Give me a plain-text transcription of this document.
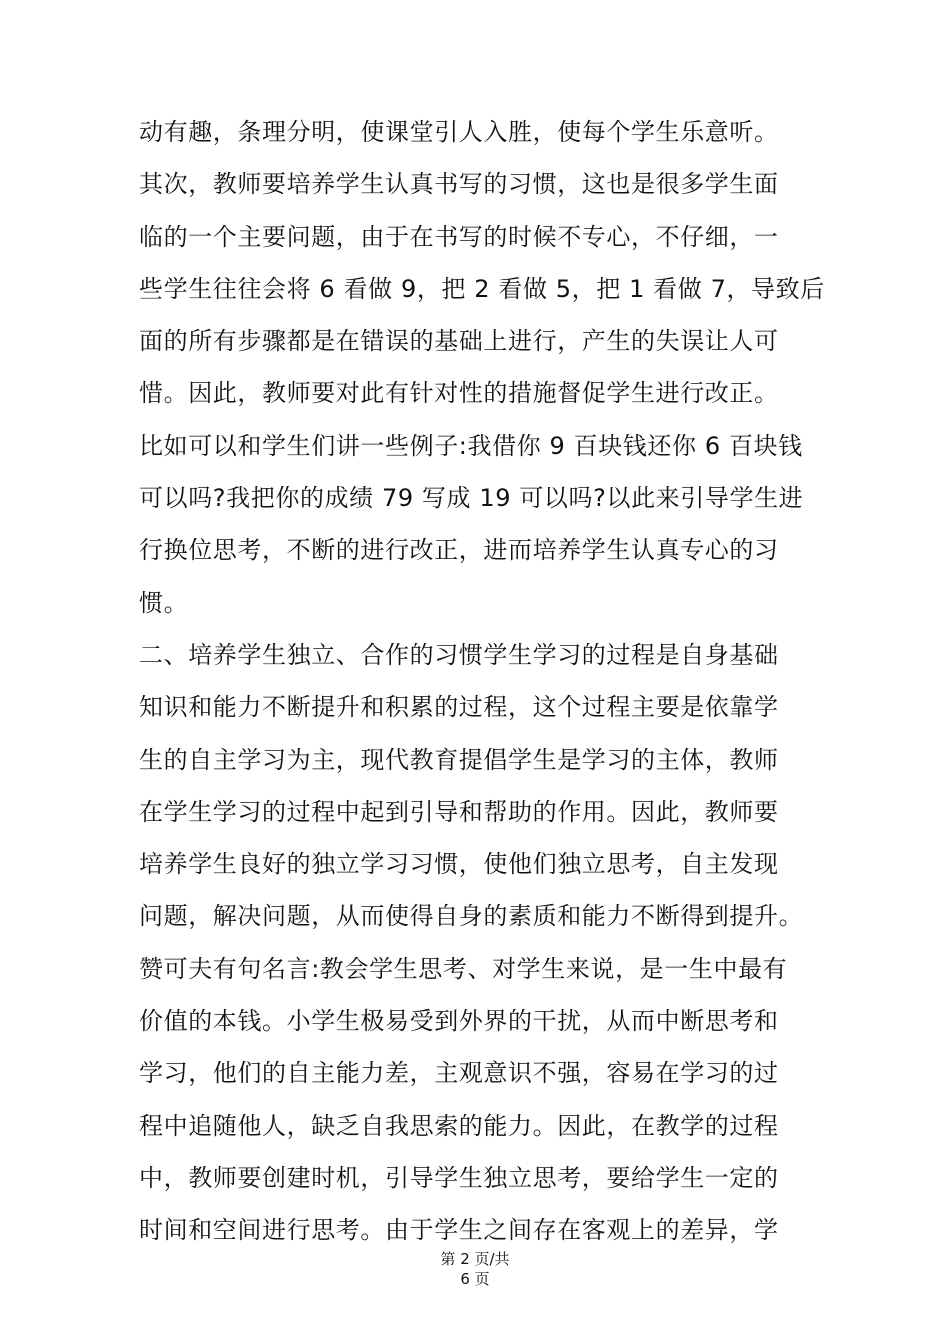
动有趣，条理分明，使课堂引人入胜，使每个学生乐意听。
其次，教师要培养学生认真书写的习惯，这也是很多学生面
临的一个主要问题，由于在书写的时候不专心，不仔细，一
些学生往往会将 6 看做 9，把 2 看做 5，把 1 看做 7，导致后
面的所有步骤都是在错误的基础上进行，产生的失误让人可
惜。因此，教师要对此有针对性的措施督促学生进行改正。
比如可以和学生们讲一些例子:我借你 9 百块钱还你 6 百块钱
可以吗?我把你的成绩 79 写成 19 可以吗?以此来引导学生进
行换位思考，不断的进行改正，进而培养学生认真专心的习
惯。
二、培养学生独立、合作的习惯学生学习的过程是自身基础
知识和能力不断提升和积累的过程，这个过程主要是依靠学
生的自主学习为主，现代教育提倡学生是学习的主体，教师
在学生学习的过程中起到引导和帮助的作用。因此，教师要
培养学生良好的独立学习习惯，使他们独立思考，自主发现
问题，解决问题，从而使得自身的素质和能力不断得到提升。
赞可夫有句名言:教会学生思考、对学生来说，是一生中最有
价值的本钱。小学生极易受到外界的干扰，从而中断思考和
学习，他们的自主能力差，主观意识不强，容易在学习的过
程中追随他人，缺乏自我思索的能力。因此，在教学的过程
中，教师要创建时机，引导学生独立思考，要给学生一定的
时间和空间进行思考。由于学生之间存在客观上的差异，学
第 2 页/共
6 页
